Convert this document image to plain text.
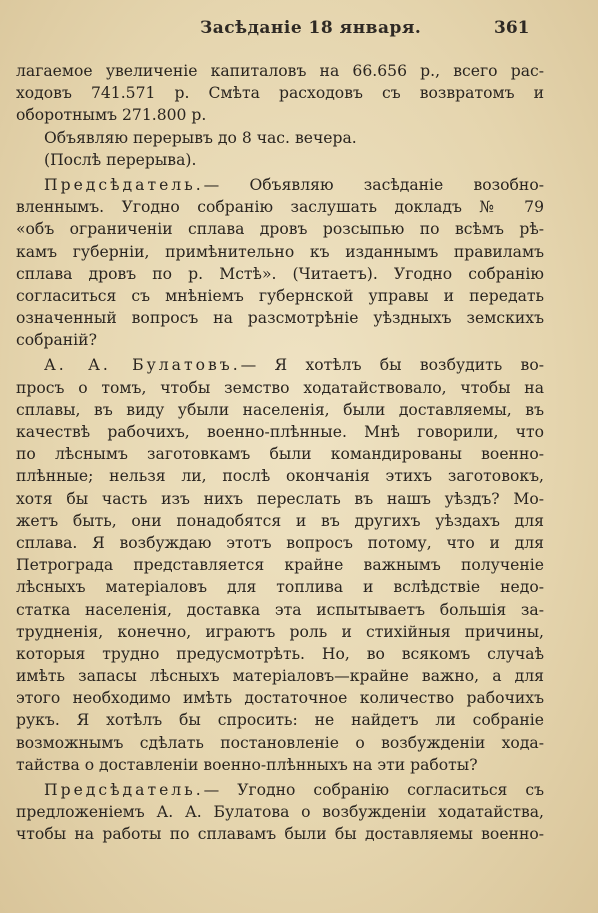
Засѣданіе 18 января.	361
лагаемое увеличеніе капиталовъ на 66.656 р., всего рас-
ходовъ 741.571 р. Смѣта расходовъ съ возвратомъ и
оборотнымъ 271.800 р.
Объявляю перерывъ до 8 час. вечера.
(Послѣ перерыва).
Предсѣдатель.— Объявляю засѣданіе возобно-
вленнымъ. Угодно собранію заслушать докладъ № 79
«объ ограниченіи сплава дровъ розсыпью по всѣмъ рѣ-
камъ губерніи, примѣнительно къ изданнымъ правиламъ
сплава дровъ по р. Мстѣ». (Читаетъ). Угодно собранію
согласиться съ мнѣніемъ губернской управы и передать
означенный вопросъ на разсмотрѣніе уѣздныхъ земскихъ
собраній?
А. А. Булатовъ.— Я хотѣлъ бы возбудить во-
просъ о томъ, чтобы земство ходатайствовало, чтобы на
сплавы, въ виду убыли населенія, были доставляемы, въ
качествѣ рабочихъ, военно-плѣнные. Мнѣ говорили, что
по лѣснымъ заготовкамъ были командированы военно-
плѣнные; нельзя ли, послѣ окончанія этихъ заготовокъ,
хотя бы часть изъ нихъ переслать въ нашъ уѣздъ? Мо-
жетъ быть, они понадобятся и въ другихъ уѣздахъ для
сплава. Я возбуждаю этотъ вопросъ потому, что и для
Петрограда представляется крайне важнымъ полученіе
лѣсныхъ матеріаловъ для топлива и вслѣдствіе недо-
статка населенія, доставка эта испытываетъ большія за-
трудненія, конечно, играютъ роль и стихійныя причины,
которыя трудно предусмотрѣть. Но, во всякомъ случаѣ
имѣть запасы лѣсныхъ матеріаловъ—крайне важно, а для
этого необходимо имѣть достаточное количество рабочихъ
рукъ. Я хотѣлъ бы спросить: не найдетъ ли собраніе
возможнымъ сдѣлать постановленіе о возбужденіи хода-
тайства о доставленіи военно-плѣнныхъ на эти работы?
Предсѣдатель.— Угодно собранію согласиться съ
предложеніемъ А. А. Булатова о возбужденіи ходатайства,
чтобы на работы по сплавамъ были бы доставляемы военно-
